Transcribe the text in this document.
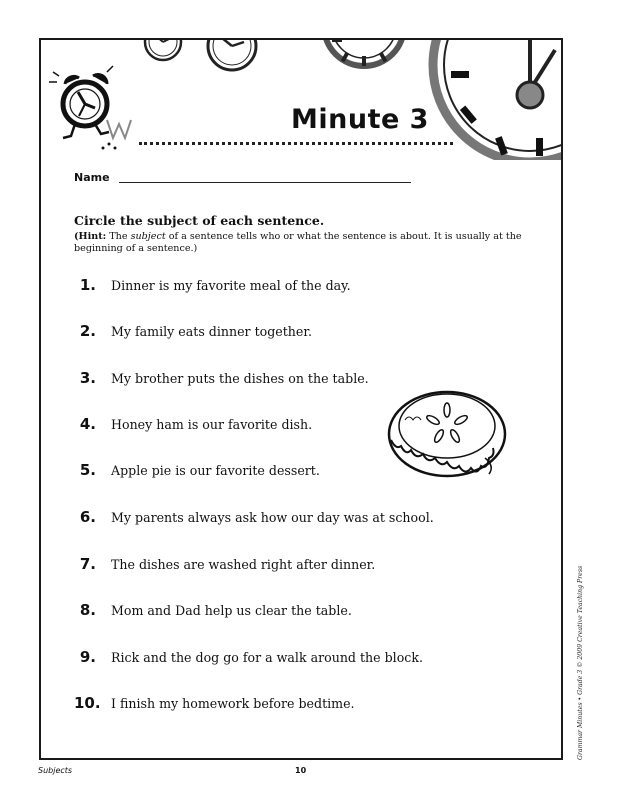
Minute 3
Name
Circle the subject of each sentence.
(Hint: The subject of a sentence tells who or what the sentence is about. It is usually at the beginning of a sentence.)
1. Dinner is my favorite meal of the day.
2. My family eats dinner together.
3. My brother puts the dishes on the table.
4. Honey ham is our favorite dish.
5. Apple pie is our favorite dessert.
6. My parents always ask how our day was at school.
7. The dishes are washed right after dinner.
8. Mom and Dad help us clear the table.
9. Rick and the dog go for a walk around the block.
10. I finish my homework before bedtime.	Grammar Minutes • Grade 3 © 2009 Creative Teaching Press
Subjects	10
